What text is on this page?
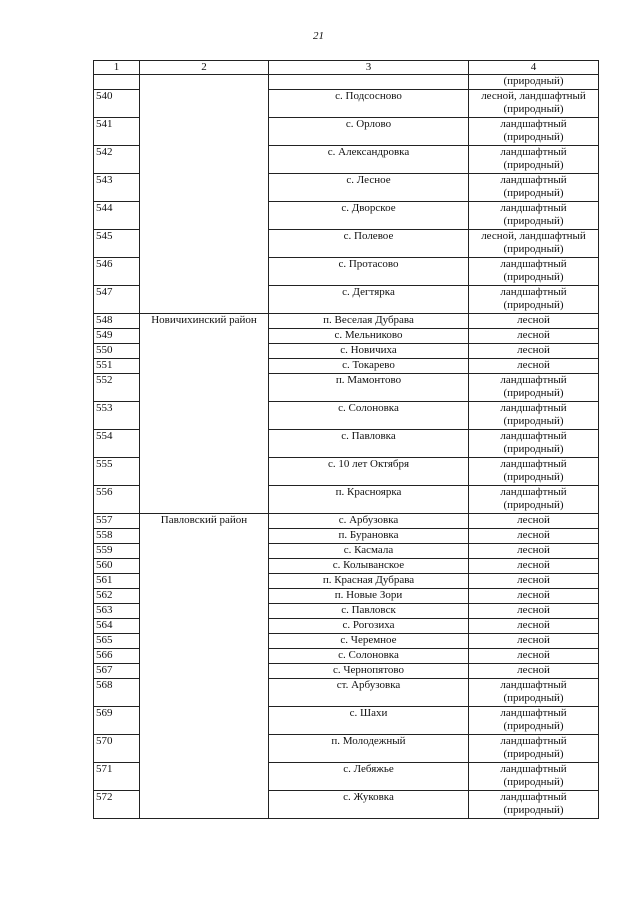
21
1	2	3	4
			(природный)
540		с. Подсосново	лесной, ландшафтный (природный)
541		с. Орлово	ландшафтный (природный)
542		с. Александровка	ландшафтный (природный)
543		с. Лесное	ландшафтный (природный)
544		с. Дворское	ландшафтный (природный)
545		с. Полевое	лесной, ландшафтный (природный)
546		с. Протасово	ландшафтный (природный)
547		с. Дегтярка	ландшафтный (природный)
548	Новичихинский район	п. Веселая Дубрава	лесной
549		с. Мельниково	лесной
550		с. Новичиха	лесной
551		с. Токарево	лесной
552		п. Мамонтово	ландшафтный (природный)
553		с. Солоновка	ландшафтный (природный)
554		с. Павловка	ландшафтный (природный)
555		с. 10 лет Октября	ландшафтный (природный)
556		п. Красноярка	ландшафтный (природный)
557	Павловский район	с. Арбузовка	лесной
558		п. Бурановка	лесной
559		с. Касмала	лесной
560		с. Колыванское	лесной
561		п. Красная Дубрава	лесной
562		п. Новые Зори	лесной
563		с. Павловск	лесной
564		с. Рогозиха	лесной
565		с. Черемное	лесной
566		с. Солоновка	лесной
567		с. Чернопятово	лесной
568		ст. Арбузовка	ландшафтный (природный)
569		с. Шахи	ландшафтный (природный)
570		п. Молодежный	ландшафтный (природный)
571		с. Лебяжье	ландшафтный (природный)
572		с. Жуковка	ландшафтный (природный)
